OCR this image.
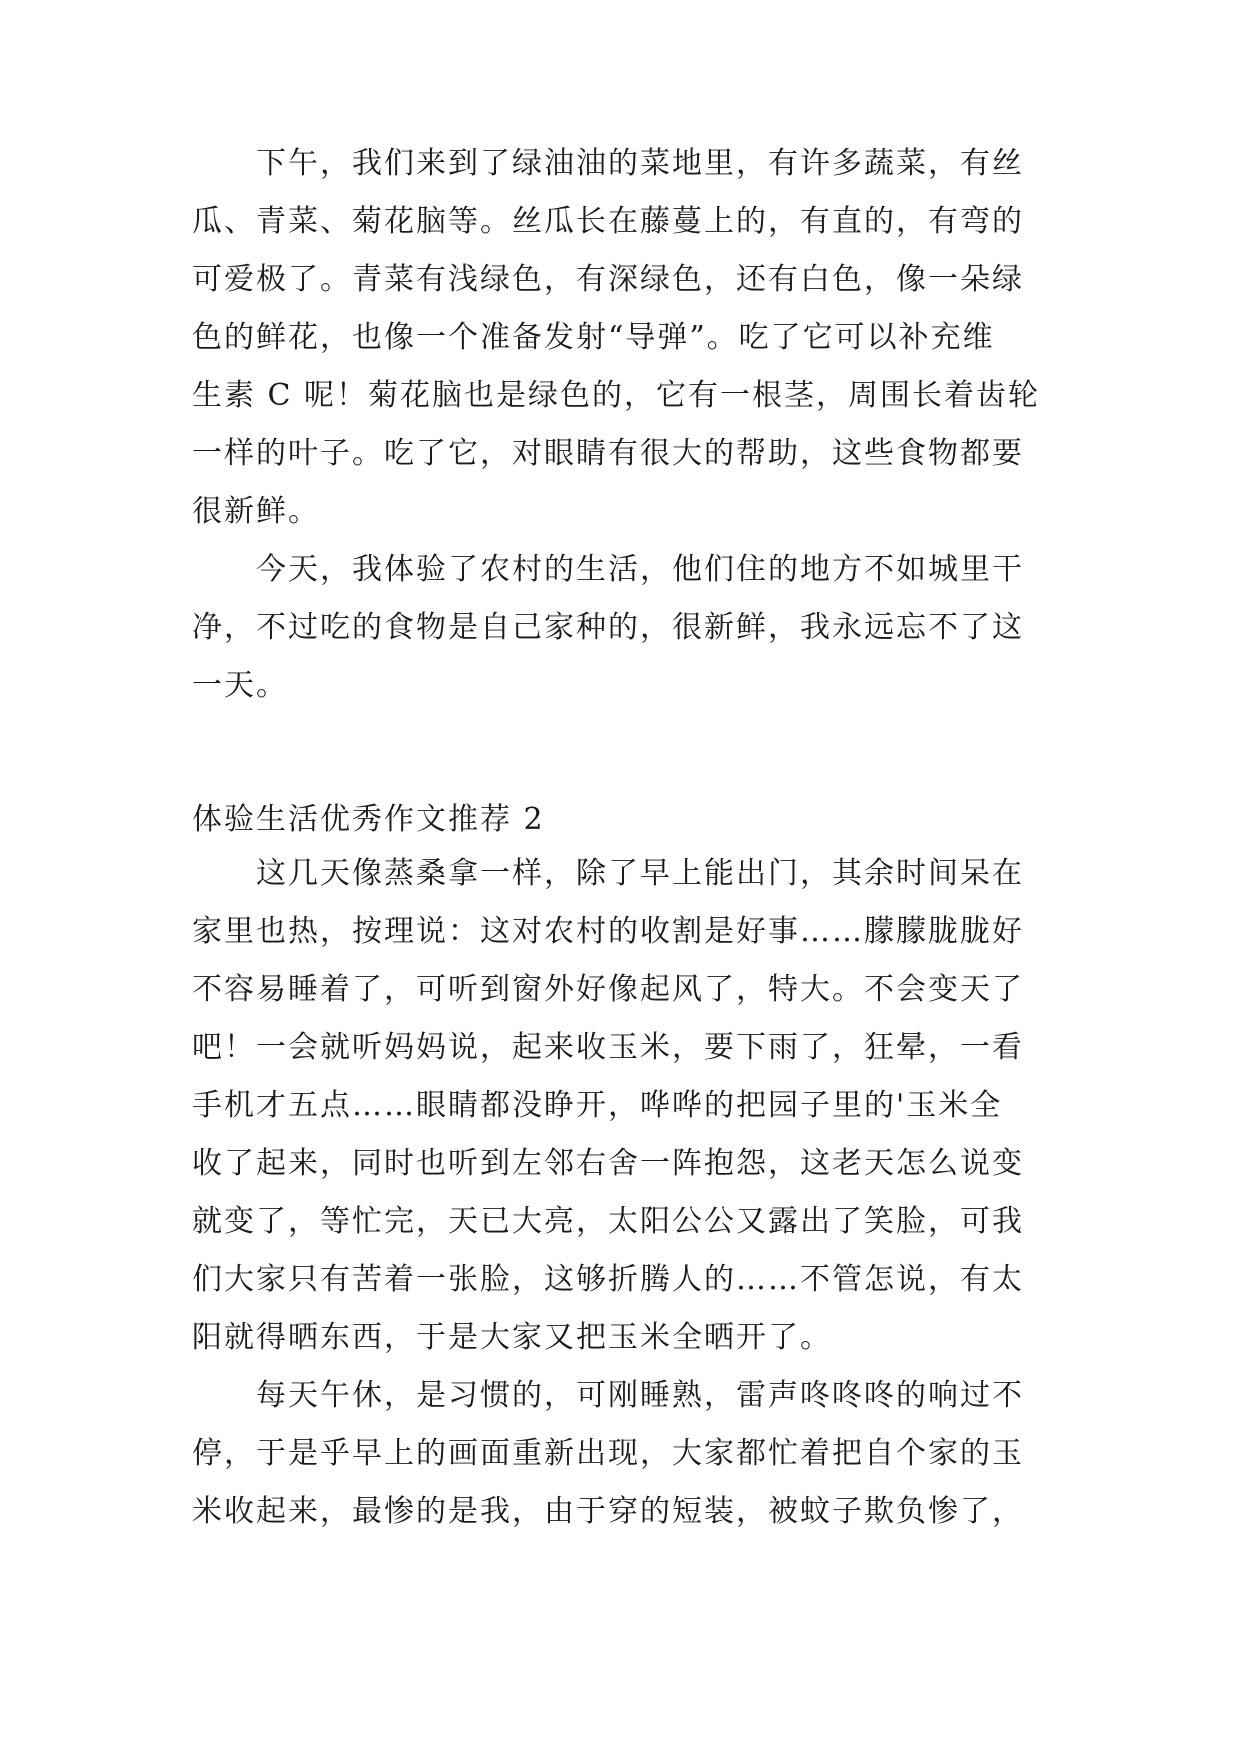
下午，我们来到了绿油油的菜地里，有许多蔬菜，有丝
瓜、青菜、菊花脑等。丝瓜长在藤蔓上的，有直的，有弯的
可爱极了。青菜有浅绿色，有深绿色，还有白色，像一朵绿
色的鲜花，也像一个准备发射“导弹”。吃了它可以补充维
生素 C 呢！菊花脑也是绿色的，它有一根茎，周围长着齿轮
一样的叶子。吃了它，对眼睛有很大的帮助，这些食物都要
很新鲜。
今天，我体验了农村的生活，他们住的地方不如城里干
净，不过吃的食物是自己家种的，很新鲜，我永远忘不了这
一天。
体验生活优秀作文推荐 2
这几天像蒸桑拿一样，除了早上能出门，其余时间呆在
家里也热，按理说：这对农村的收割是好事……朦朦胧胧好
不容易睡着了，可听到窗外好像起风了，特大。不会变天了
吧！一会就听妈妈说，起来收玉米，要下雨了，狂晕，一看
手机才五点……眼睛都没睁开，哗哗的把园子里的'玉米全
收了起来，同时也听到左邻右舍一阵抱怨，这老天怎么说变
就变了，等忙完，天已大亮，太阳公公又露出了笑脸，可我
们大家只有苦着一张脸，这够折腾人的……不管怎说，有太
阳就得晒东西，于是大家又把玉米全晒开了。
每天午休，是习惯的，可刚睡熟，雷声咚咚咚的响过不
停，于是乎早上的画面重新出现，大家都忙着把自个家的玉
米收起来，最惨的是我，由于穿的短装，被蚊子欺负惨了，
